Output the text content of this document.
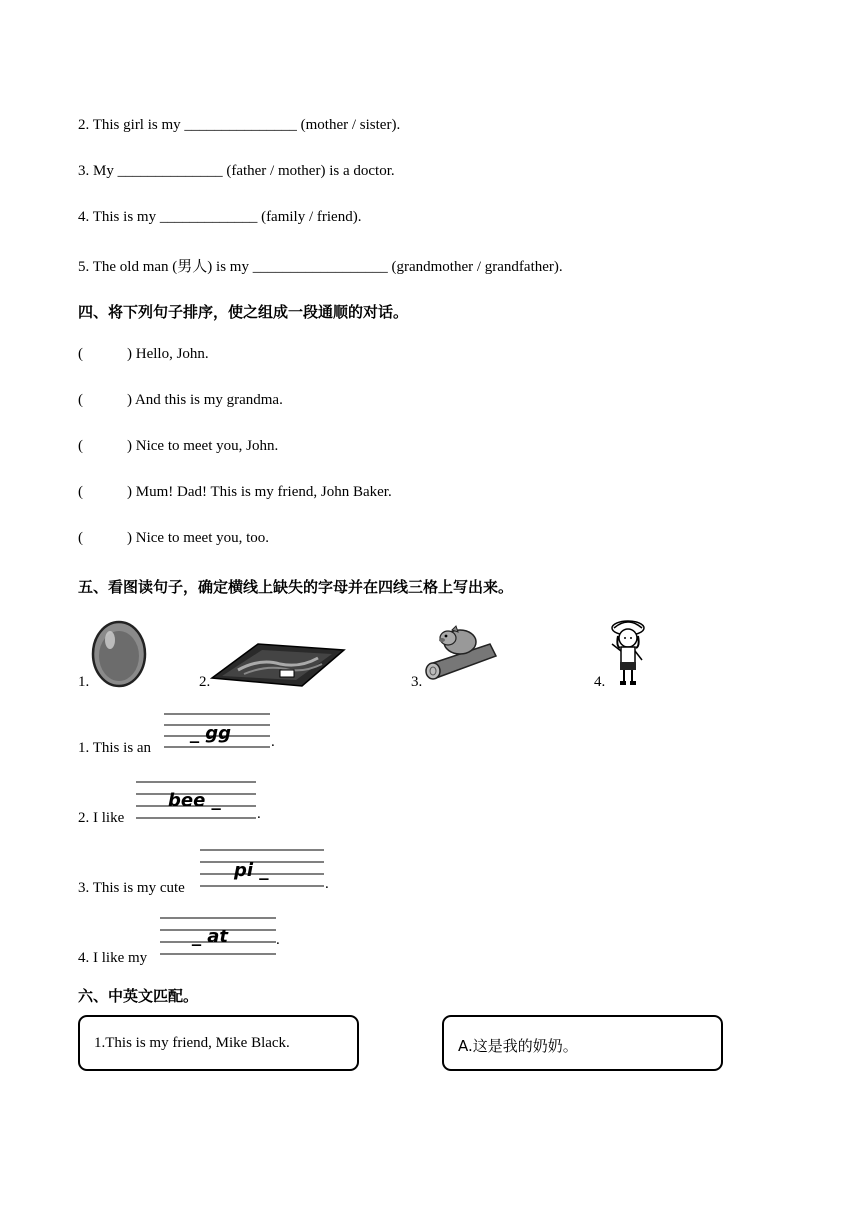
2. This girl is my _______________ (mother / sister).
3. My ______________ (father / mother) is a doctor.
4. This is my _____________ (family / friend).
5. The old man (男人) is my __________________ (grandmother / grandfather).
四、将下列句子排序，使之组成一段通顺的对话。
(	) Hello, John.
(	) And this is my grandma.
(	) Nice to meet you, John.
(	) Mum! Dad! This is my friend, John Baker.
(	) Nice to meet you, too.
五、看图读句子，确定横线上缺失的字母并在四线三格上写出来。
1.	2.	3.	4.
1. This is an
_ gg	.
2. I like
bee _
.
3. This is my cute
pi _
.
4. I like my
_ at	.
六、中英文匹配。
1.This is my friend, Mike Black.	A.这是我的奶奶。
